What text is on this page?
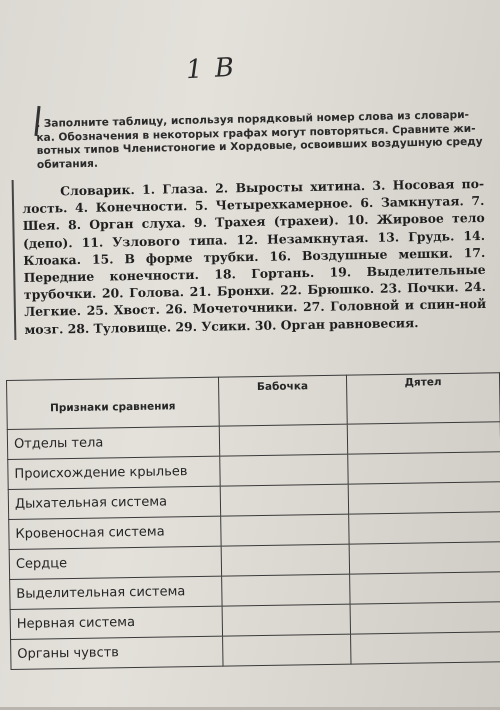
1 В

. Заполните таблицу, используя порядковый номер слова из словари-ка. Обозначения в некоторых графах могут повторяться. Сравните жи-вотных типов Членистоногие и Хордовые, освоивших воздушную среду обитания.

Словарик. 1. Глаза. 2. Выросты хитина. 3. Носовая по-лость. 4. Конечности. 5. Четырехкамерное. 6. Замкнутая. 7. Шея. 8. Орган слуха. 9. Трахея (трахеи). 10. Жировое тело (депо). 11. Узлового типа. 12. Незамкнутая. 13. Грудь. 14. Клоака. 15. В форме трубки. 16. Воздушные мешки. 17. Передние конечности. 18. Гортань. 19. Выделительные трубочки. 20. Голова. 21. Бронхи. 22. Брюшко. 23. Почки. 24. Легкие. 25. Хвост. 26. Мочеточники. 27. Головной и спин-ной мозг. 28. Туловище. 29. Усики. 30. Орган равновесия.

Признаки сравнения	Бабочка	Дятел
Отделы тела		
Происхождение крыльев		
Дыхательная система		
Кровеносная система		
Сердце		
Выделительная система		
Нервная система		
Органы чувств		
